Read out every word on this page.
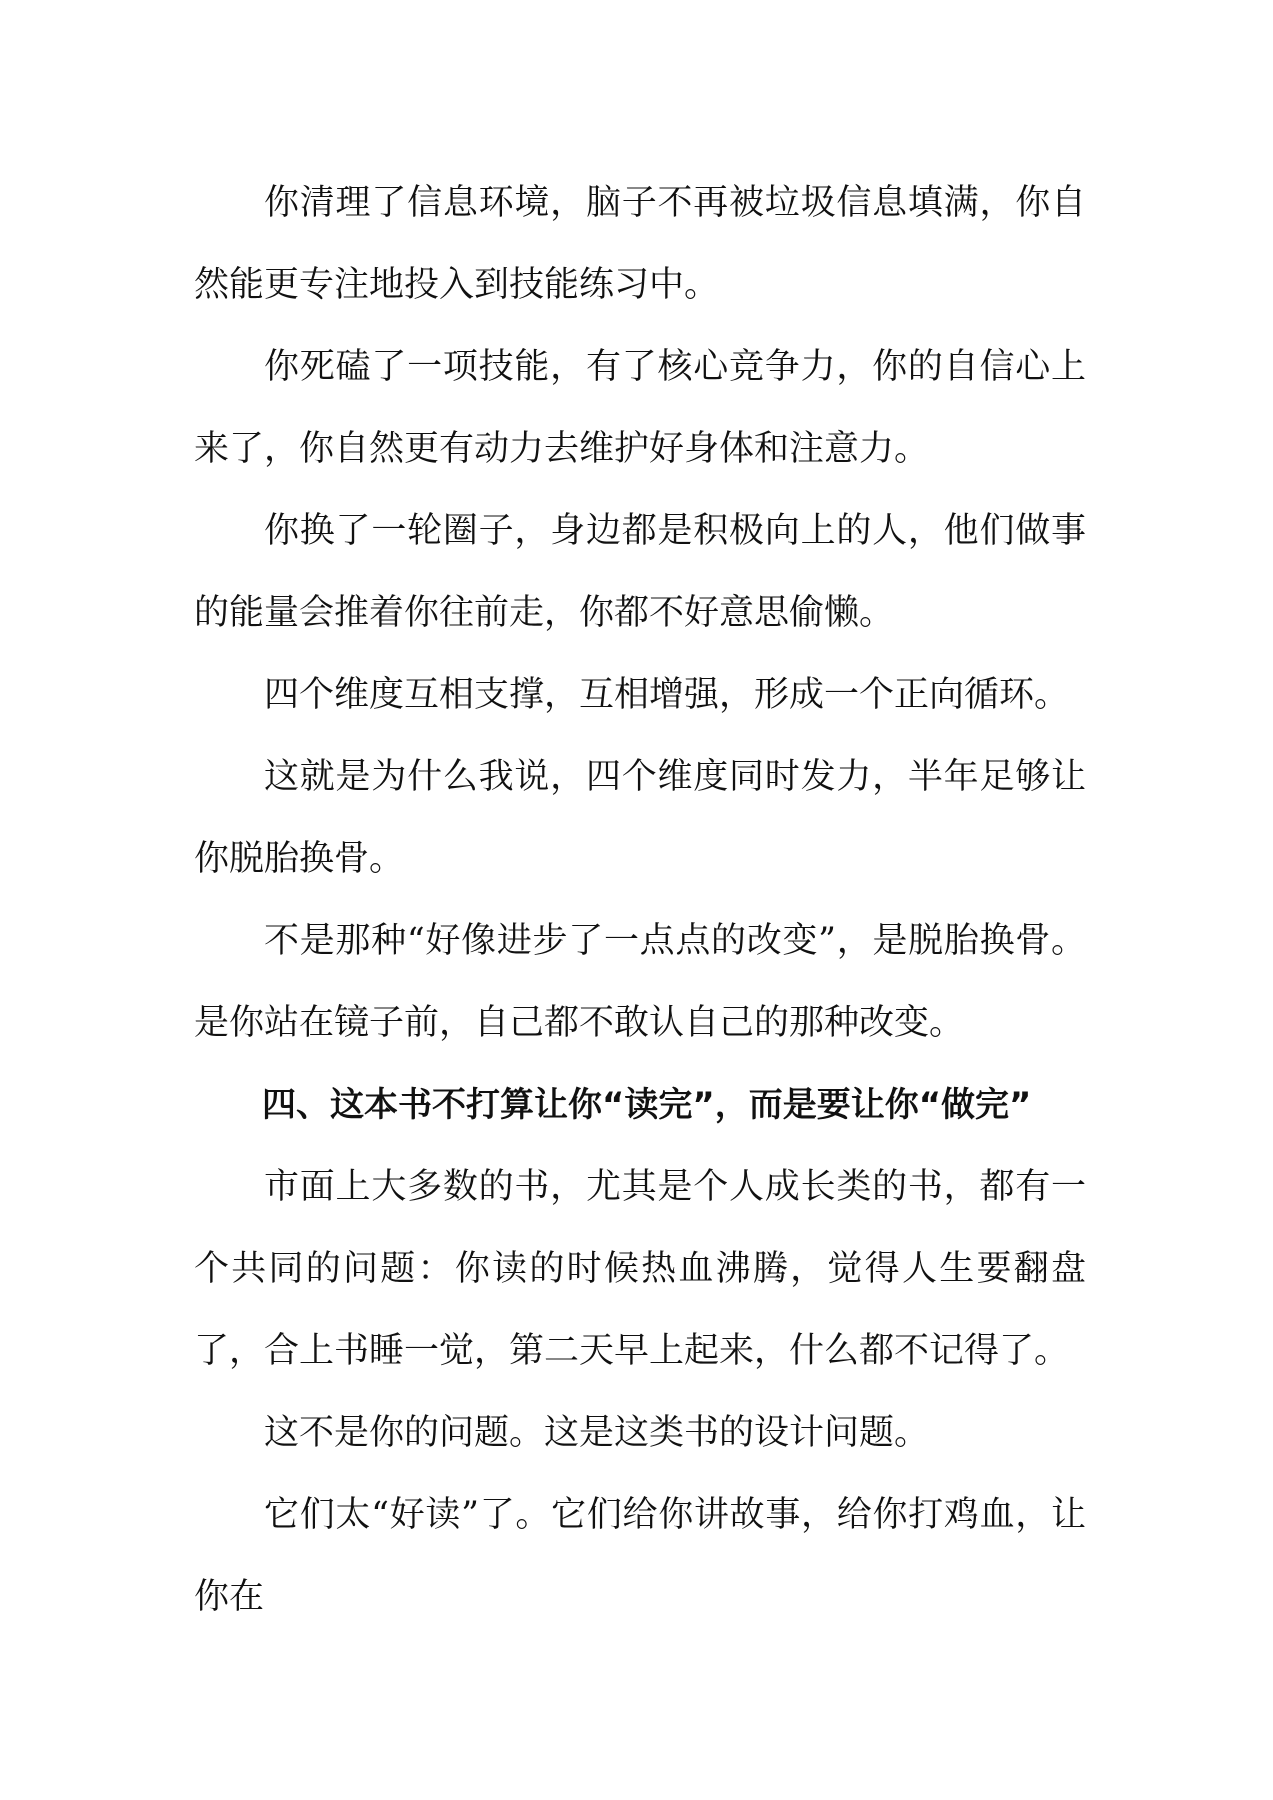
你清理了信息环境，脑子不再被垃圾信息填满，你自然能更专注地投入到技能练习中。

你死磕了一项技能，有了核心竞争力，你的自信心上来了，你自然更有动力去维护好身体和注意力。

你换了一轮圈子，身边都是积极向上的人，他们做事的能量会推着你往前走，你都不好意思偷懒。

四个维度互相支撑，互相增强，形成一个正向循环。

这就是为什么我说，四个维度同时发力，半年足够让你脱胎换骨。

不是那种“好像进步了一点点的改变”，是脱胎换骨。是你站在镜子前，自己都不敢认自己的那种改变。

四、这本书不打算让你“读完”，而是要让你“做完”

市面上大多数的书，尤其是个人成长类的书，都有一个共同的问题：你读的时候热血沸腾，觉得人生要翻盘了，合上书睡一觉，第二天早上起来，什么都不记得了。

这不是你的问题。这是这类书的设计问题。

它们太“好读”了。它们给你讲故事，给你打鸡血，让你在
